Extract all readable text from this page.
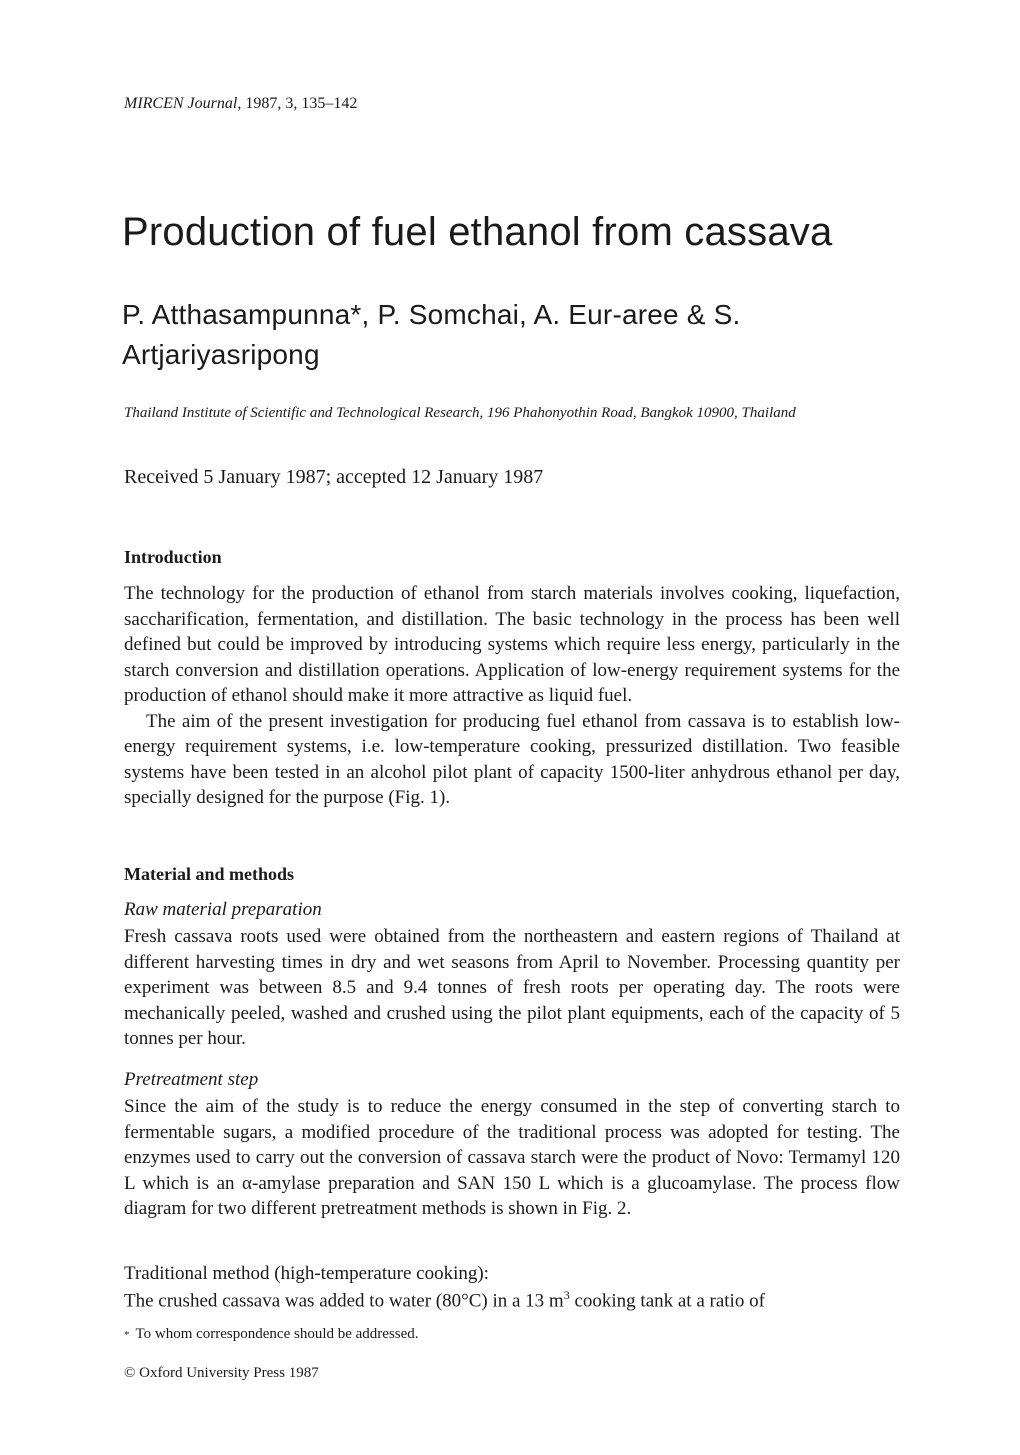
MIRCEN Journal, 1987, 3, 135–142
Production of fuel ethanol from cassava
P. Atthasampunna*, P. Somchai, A. Eur-aree & S. Artjariyasripong
Thailand Institute of Scientific and Technological Research, 196 Phahonyothin Road, Bangkok 10900, Thailand
Received 5 January 1987; accepted 12 January 1987
Introduction
The technology for the production of ethanol from starch materials involves cooking, liquefaction, saccharification, fermentation, and distillation. The basic technology in the process has been well defined but could be improved by introducing systems which require less energy, particularly in the starch conversion and distillation operations. Application of low-energy requirement systems for the production of ethanol should make it more attractive as liquid fuel.
The aim of the present investigation for producing fuel ethanol from cassava is to establish low-energy requirement systems, i.e. low-temperature cooking, pressurized distillation. Two feasible systems have been tested in an alcohol pilot plant of capacity 1500-liter anhydrous ethanol per day, specially designed for the purpose (Fig. 1).
Material and methods
Raw material preparation
Fresh cassava roots used were obtained from the northeastern and eastern regions of Thailand at different harvesting times in dry and wet seasons from April to November. Processing quantity per experiment was between 8.5 and 9.4 tonnes of fresh roots per operating day. The roots were mechanically peeled, washed and crushed using the pilot plant equipments, each of the capacity of 5 tonnes per hour.
Pretreatment step
Since the aim of the study is to reduce the energy consumed in the step of converting starch to fermentable sugars, a modified procedure of the traditional process was adopted for testing. The enzymes used to carry out the conversion of cassava starch were the product of Novo: Termamyl 120 L which is an α-amylase preparation and SAN 150 L which is a glucoamylase. The process flow diagram for two different pretreatment methods is shown in Fig. 2.
Traditional method (high-temperature cooking):
The crushed cassava was added to water (80°C) in a 13 $m^3$ cooking tank at a ratio of
* To whom correspondence should be addressed.
© Oxford University Press 1987
